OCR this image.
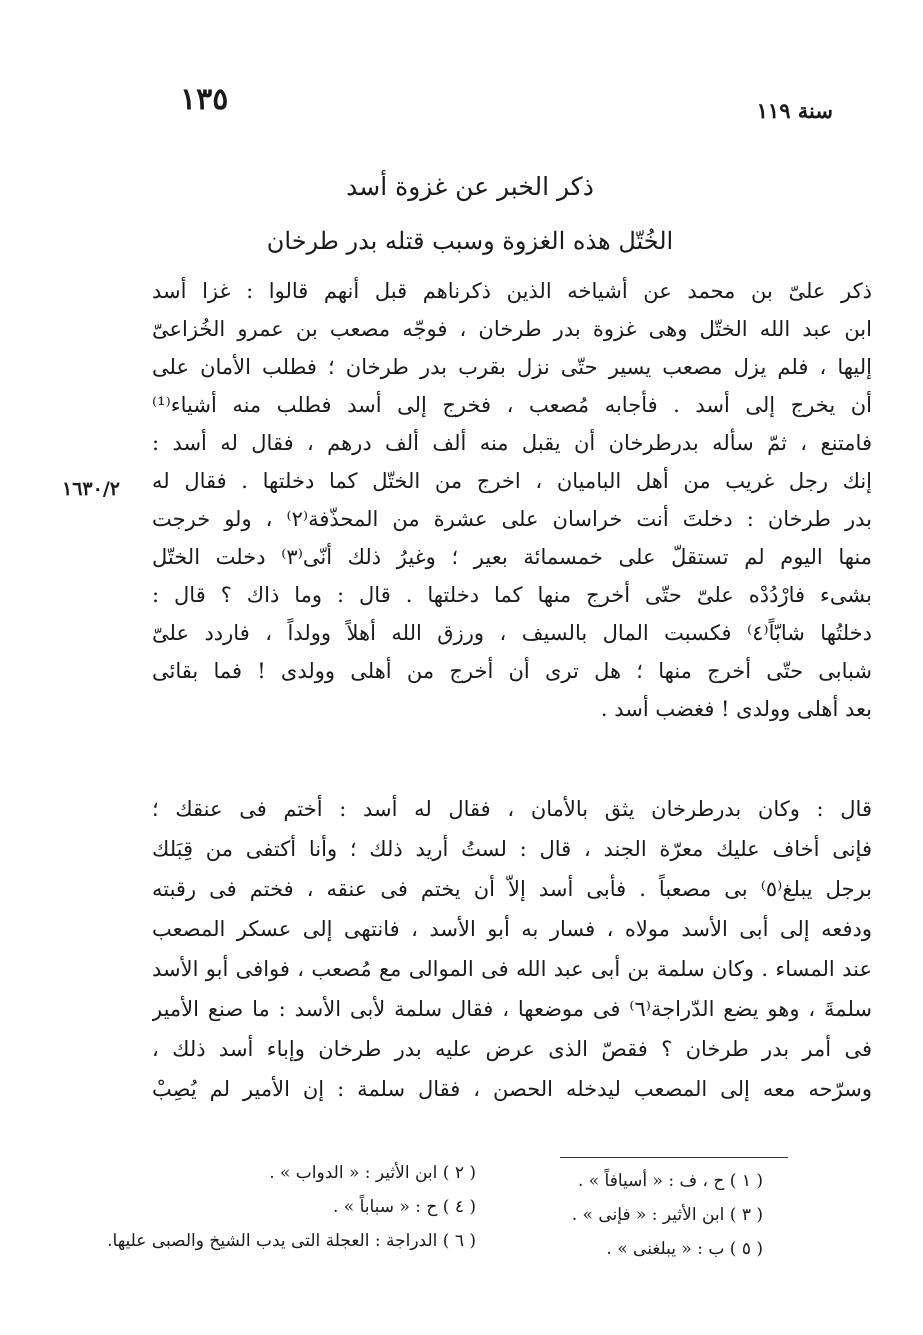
١٣٥	سنة ١١٩
ذكر الخبر عن غزوة أسد
الخُتّل هذه الغزوة وسبب قتله بدر طرخان
١٦٣٠/٢
ذكر علىّ بن محمد عن أشياخه الذين ذكرناهم قبل أنهم قالوا : غزا أسد
ابن عبد الله الختّل وهى غزوة بدر طرخان ، فوجّه مصعب بن عمرو الخُزاعىّ
إليها ، فلم يزل مصعب يسير حتّى نزل بقرب بدر طرخان ؛ فطلب الأمان على
أن يخرج إلى أسد . فأجابه مُصعب ، فخرج إلى أسد فطلب منه أشياء⁽¹⁾
فامتنع ، ثمّ سأله بدرطرخان أن يقبل منه ألف ألف درهم ، فقال له أسد :
إنك رجل غريب من أهل البامیان ، اخرج من الختّل كما دخلتها . فقال له
بدر طرخان : دخلتَ أنت خراسان على عشرة من المحذّفة⁽٢⁾ ، ولو خرجت
منها اليوم لم تستقلّ على خمسمائة بعير ؛ وغيرُ ذلك أنّى⁽٣⁾ دخلت الختّل
بشىء فارْدُدْه علىّ حتّى أخرج منها كما دخلتها . قال : وما ذاك ؟ قال :
دخلتُها شابّاً⁽٤⁾ فكسبت المال بالسيف ، ورزق الله أهلاً وولداً ، فاردد علىّ
شبابى حتّى أخرج منها ؛ هل ترى أن أخرج من أهلى وولدى ! فما بقائى
بعد أهلى وولدى ! فغضب أسد .
قال : وكان بدرطرخان يثق بالأمان ، فقال له أسد : أختم فى عنقك ؛
فإنى أخاف عليك معرّة الجند ، قال : لستُ أريد ذلك ؛ وأنا أكتفى من قِبَلك
برجل يبلغ⁽٥⁾ بى مصعباً . فأبى أسد إلاّ أن يختم فى عنقه ، فختم فى رقبته
ودفعه إلى أبى الأسد مولاه ، فسار به أبو الأسد ، فانتهى إلى عسكر المصعب
عند المساء . وكان سلمة بن أبى عبد الله فى الموالى مع مُصعب ، فوافى أبو الأسد
سلمةَ ، وهو يضع الدّراجة⁽٦⁾ فى موضعها ، فقال سلمة لأبى الأسد : ما صنع الأمير
فى أمر بدر طرخان ؟ فقصّ الذى عرض عليه بدر طرخان وإباء أسد ذلك ،
وسرّحه معه إلى المصعب ليدخله الحصن ، فقال سلمة : إن الأمير لم يُصِبْ
( ١ ) ح ، ف : « أسيافاً » .
( ٢ ) ابن الأثير : « الدواب » .
( ٣ ) ابن الأثير : « فإنى » .
( ٤ ) ح : « سباباً » .
( ٥ ) ب : « يبلغنى » .
( ٦ ) الدراجة : العجلة التى يدب الشيخ والصبى عليها.
